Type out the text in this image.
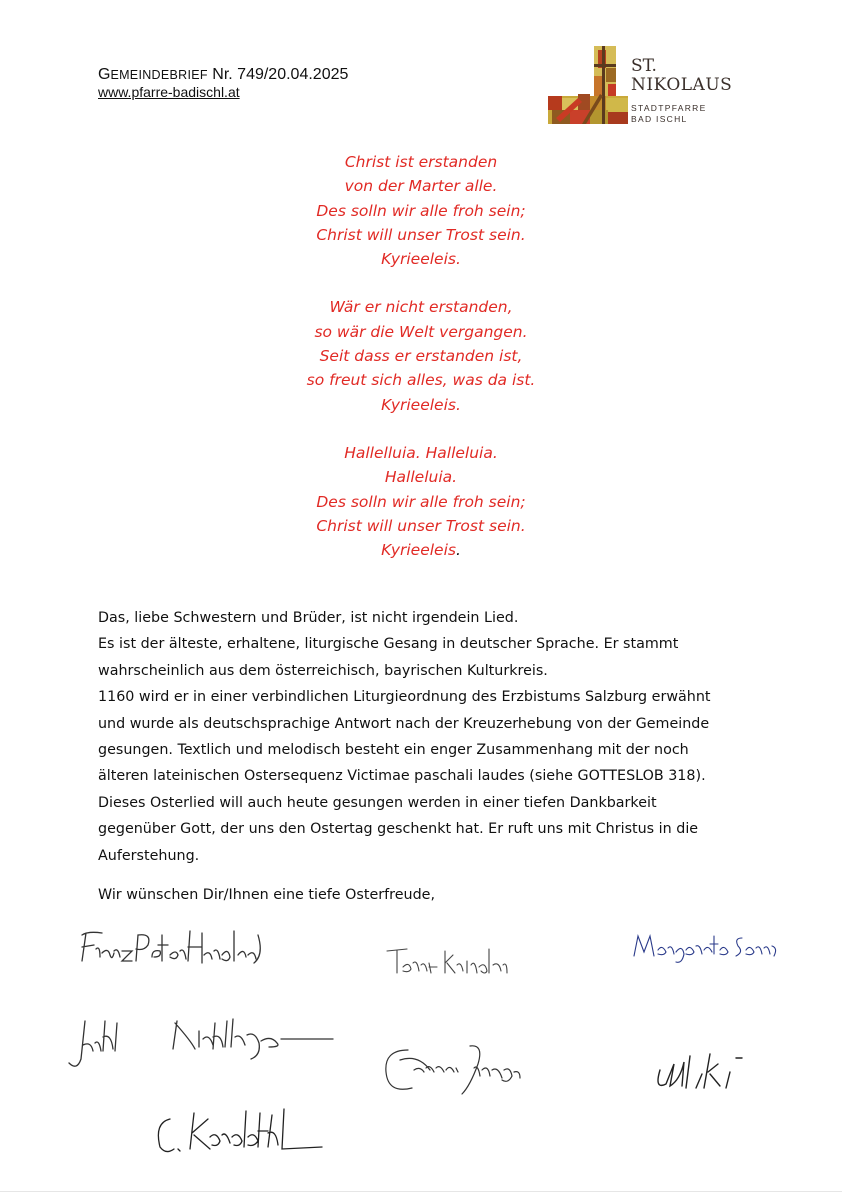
GEMEINDEBRIEF Nr. 749/20.04.2025
www.pfarre-badischl.at
ST.
NIKOLAUS
STADTPFARRE
BAD ISCHL
Christ ist erstanden
von der Marter alle.
Des solln wir alle froh sein;
Christ will unser Trost sein.
Kyrieeleis.
Wär er nicht erstanden,
so wär die Welt vergangen.
Seit dass er erstanden ist,
so freut sich alles, was da ist.
Kyrieeleis.
Hallelluia. Halleluia.
Halleluia.
Des solln wir alle froh sein;
Christ will unser Trost sein.
Kyrieeleis.
Das, liebe Schwestern und Brüder, ist nicht irgendein Lied.
Es ist der älteste, erhaltene, liturgische Gesang in deutscher Sprache. Er stammt
wahrscheinlich aus dem österreichisch, bayrischen Kulturkreis.
1160 wird er in einer verbindlichen Liturgieordnung des Erzbistums Salzburg erwähnt
und wurde als deutschsprachige Antwort nach der Kreuzerhebung von der Gemeinde
gesungen. Textlich und melodisch besteht ein enger Zusammenhang mit der noch
älteren lateinischen Ostersequenz Victimae paschali laudes (siehe GOTTESLOB 318).
Dieses Osterlied will auch heute gesungen werden in einer tiefen Dankbarkeit
gegenüber Gott, der uns den Ostertag geschenkt hat. Er ruft uns mit Christus in die
Auferstehung.
Wir wünschen Dir/Ihnen eine tiefe Osterfreude,
